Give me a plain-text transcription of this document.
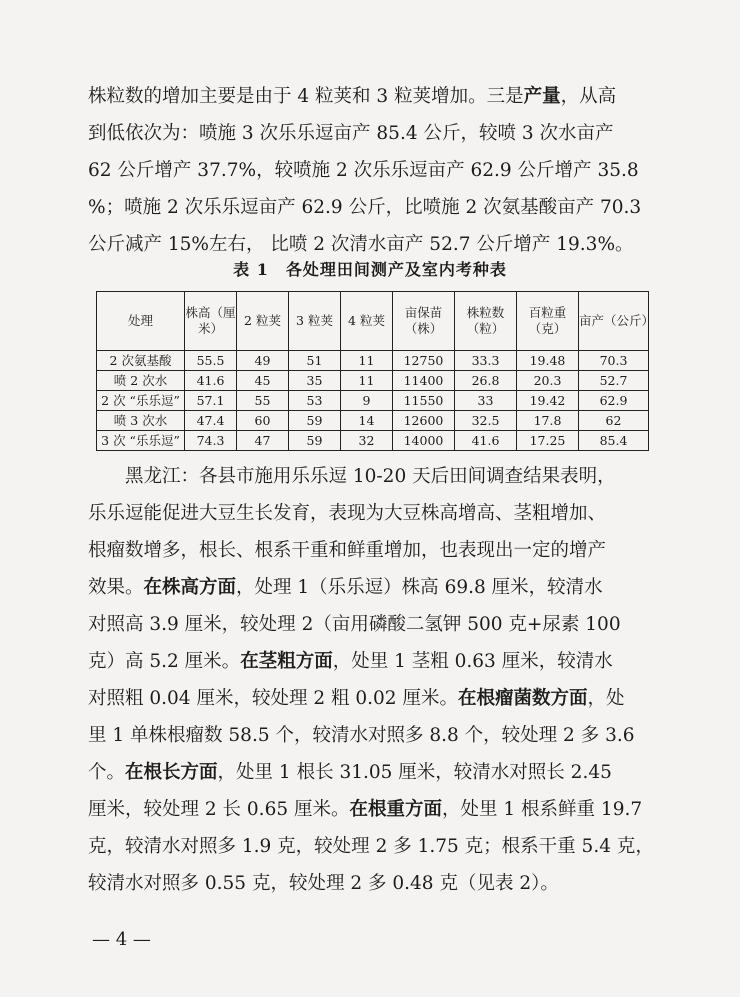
株粒数的增加主要是由于 4 粒荚和 3 粒荚增加。三是产量，从高
到低依次为：喷施 3 次乐乐逗亩产 85.4 公斤，较喷 3 次水亩产
62 公斤增产 37.7%，较喷施 2 次乐乐逗亩产 62.9 公斤增产 35.8
%；喷施 2 次乐乐逗亩产 62.9 公斤，比喷施 2 次氨基酸亩产 70.3
公斤减产 15%左右， 比喷 2 次清水亩产 52.7 公斤增产 19.3%。
表 1　各处理田间测产及室内考种表
处理	株高（厘米）	2 粒荚	3 粒荚	4 粒荚	亩保苗（株）	株粒数（粒）	百粒重（克）	亩产（公斤）
2 次氨基酸	55.5	49	51	11	12750	33.3	19.48	70.3
喷 2 次水	41.6	45	35	11	11400	26.8	20.3	52.7
2 次 “乐乐逗”	57.1	55	53	9	11550	33	19.42	62.9
喷 3 次水	47.4	60	59	14	12600	32.5	17.8	62
3 次 “乐乐逗”	74.3	47	59	32	14000	41.6	17.25	85.4
黑龙江：各县市施用乐乐逗 10-20 天后田间调查结果表明，
乐乐逗能促进大豆生长发育，表现为大豆株高增高、茎粗增加、
根瘤数增多，根长、根系干重和鲜重增加，也表现出一定的增产
效果。在株高方面，处理 1（乐乐逗）株高 69.8 厘米，较清水
对照高 3.9 厘米，较处理 2（亩用磷酸二氢钾 500 克+尿素 100
克）高 5.2 厘米。在茎粗方面，处里 1 茎粗 0.63 厘米，较清水
对照粗 0.04 厘米，较处理 2 粗 0.02 厘米。在根瘤菌数方面，处
里 1 单株根瘤数 58.5 个，较清水对照多 8.8 个，较处理 2 多 3.6
个。在根长方面，处里 1 根长 31.05 厘米，较清水对照长 2.45
厘米，较处理 2 长 0.65 厘米。在根重方面，处里 1 根系鲜重 19.7
克，较清水对照多 1.9 克，较处理 2 多 1.75 克；根系干重 5.4 克，
较清水对照多 0.55 克，较处理 2 多 0.48 克（见表 2）。
— 4 —
